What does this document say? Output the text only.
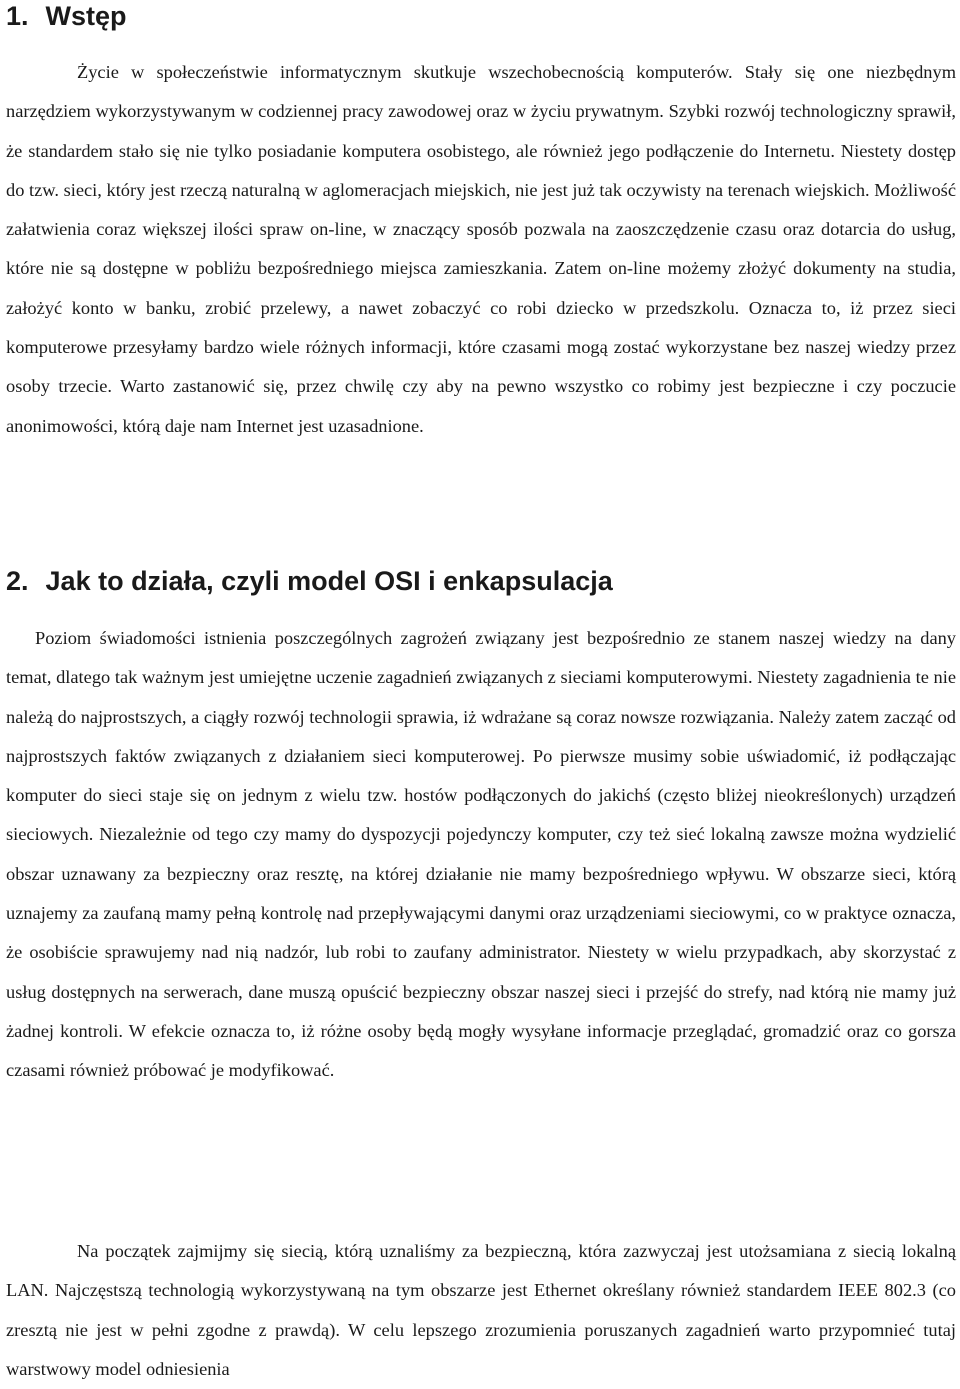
1. Wstęp

Życie w społeczeństwie informatycznym skutkuje wszechobecnością komputerów. Stały się one niezbędnym narzędziem wykorzystywanym w codziennej pracy zawodowej oraz w życiu prywatnym. Szybki rozwój technologiczny sprawił, że standardem stało się nie tylko posiadanie komputera osobistego, ale również jego podłączenie do Internetu. Niestety dostęp do tzw. sieci, który jest rzeczą naturalną w aglomeracjach miejskich, nie jest już tak oczywisty na terenach wiejskich. Możliwość załatwienia coraz większej ilości spraw on-line, w znaczący sposób pozwala na zaoszczędzenie czasu oraz dotarcia do usług, które nie są dostępne w pobliżu bezpośredniego miejsca zamieszkania. Zatem on-line możemy złożyć dokumenty na studia, założyć konto w banku, zrobić przelewy, a nawet zobaczyć co robi dziecko w przedszkolu. Oznacza to, iż przez sieci komputerowe przesyłamy bardzo wiele różnych informacji, które czasami mogą zostać wykorzystane bez naszej wiedzy przez osoby trzecie. Warto zastanowić się, przez chwilę czy aby na pewno wszystko co robimy jest bezpieczne i czy poczucie anonimowości, którą daje nam Internet jest uzasadnione.

2. Jak to działa, czyli model OSI i enkapsulacja

Poziom świadomości istnienia poszczególnych zagrożeń związany jest bezpośrednio ze stanem naszej wiedzy na dany temat, dlatego tak ważnym jest umiejętne uczenie zagadnień związanych z sieciami komputerowymi. Niestety zagadnienia te nie należą do najprostszych, a ciągły rozwój technologii sprawia, iż wdrażane są coraz nowsze rozwiązania. Należy zatem zacząć od najprostszych faktów związanych z działaniem sieci komputerowej. Po pierwsze musimy sobie uświadomić, iż podłączając komputer do sieci staje się on jednym z wielu tzw. hostów podłączonych do jakichś (często bliżej nieokreślonych) urządzeń sieciowych. Niezależnie od tego czy mamy do dyspozycji pojedynczy komputer, czy też sieć lokalną zawsze można wydzielić obszar uznawany za bezpieczny oraz resztę, na której działanie nie mamy bezpośredniego wpływu. W obszarze sieci, którą uznajemy za zaufaną mamy pełną kontrolę nad przepływającymi danymi oraz urządzeniami sieciowymi, co w praktyce oznacza, że osobiście sprawujemy nad nią nadzór, lub robi to zaufany administrator. Niestety w wielu przypadkach, aby skorzystać z usług dostępnych na serwerach, dane muszą opuścić bezpieczny obszar naszej sieci i przejść do strefy, nad którą nie mamy już żadnej kontroli. W efekcie oznacza to, iż różne osoby będą mogły wysyłane informacje przeglądać, gromadzić oraz co gorsza czasami również próbować je modyfikować.

Na początek zajmijmy się siecią, którą uznaliśmy za bezpieczną, która zazwyczaj jest utożsamiana z siecią lokalną LAN. Najczęstszą technologią wykorzystywaną na tym obszarze jest Ethernet określany również standardem IEEE 802.3 (co zresztą nie jest w pełni zgodne z prawdą). W celu lepszego zrozumienia poruszanych zagadnień warto przypomnieć tutaj warstwowy model odniesienia
